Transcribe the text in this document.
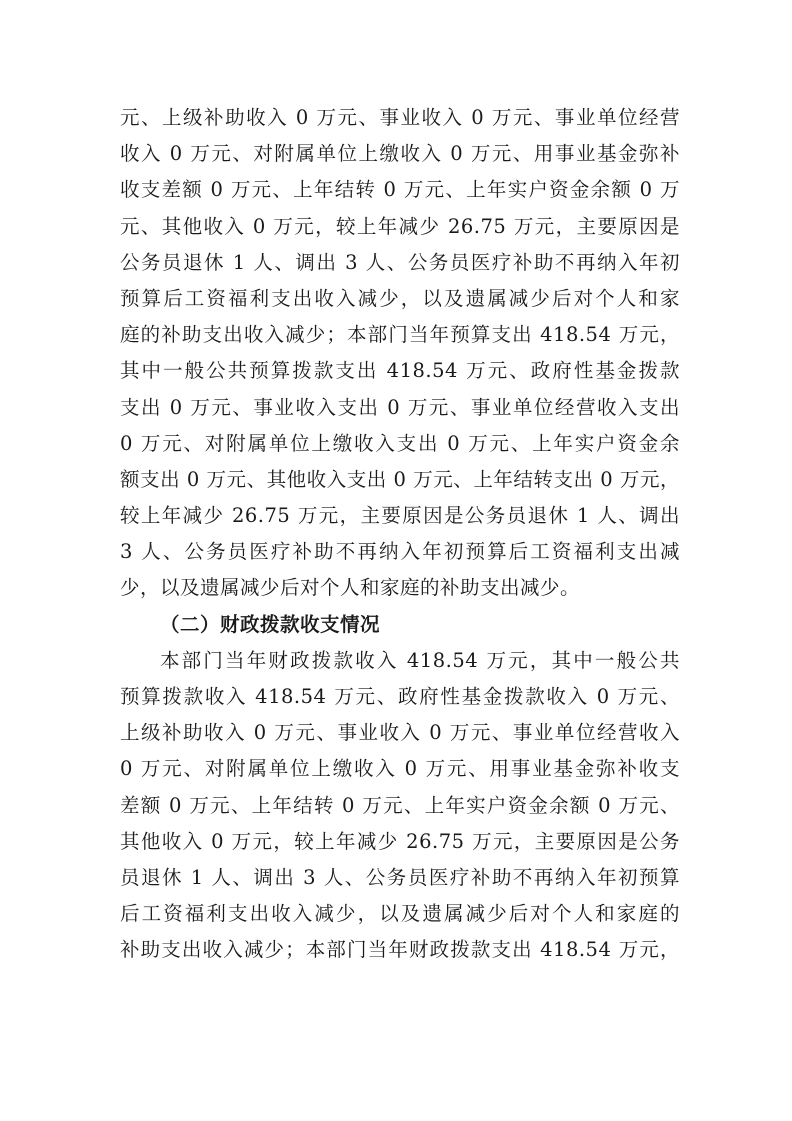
元、上级补助收入 0 万元、事业收入 0 万元、事业单位经营
收入 0 万元、对附属单位上缴收入 0 万元、用事业基金弥补
收支差额 0 万元、上年结转 0 万元、上年实户资金余额 0 万
元、其他收入 0 万元，较上年减少 26.75 万元，主要原因是
公务员退休 1 人、调出 3 人、公务员医疗补助不再纳入年初
预算后工资福利支出收入减少，以及遗属减少后对个人和家
庭的补助支出收入减少；本部门当年预算支出 418.54 万元，
其中一般公共预算拨款支出 418.54 万元、政府性基金拨款
支出 0 万元、事业收入支出 0 万元、事业单位经营收入支出
0 万元、对附属单位上缴收入支出 0 万元、上年实户资金余
额支出 0 万元、其他收入支出 0 万元、上年结转支出 0 万元，
较上年减少 26.75 万元，主要原因是公务员退休 1 人、调出
3 人、公务员医疗补助不再纳入年初预算后工资福利支出减
少，以及遗属减少后对个人和家庭的补助支出减少。
（二）财政拨款收支情况
本部门当年财政拨款收入 418.54 万元，其中一般公共
预算拨款收入 418.54 万元、政府性基金拨款收入 0 万元、
上级补助收入 0 万元、事业收入 0 万元、事业单位经营收入
0 万元、对附属单位上缴收入 0 万元、用事业基金弥补收支
差额 0 万元、上年结转 0 万元、上年实户资金余额 0 万元、
其他收入 0 万元，较上年减少 26.75 万元，主要原因是公务
员退休 1 人、调出 3 人、公务员医疗补助不再纳入年初预算
后工资福利支出收入减少，以及遗属减少后对个人和家庭的
补助支出收入减少；本部门当年财政拨款支出 418.54 万元，
